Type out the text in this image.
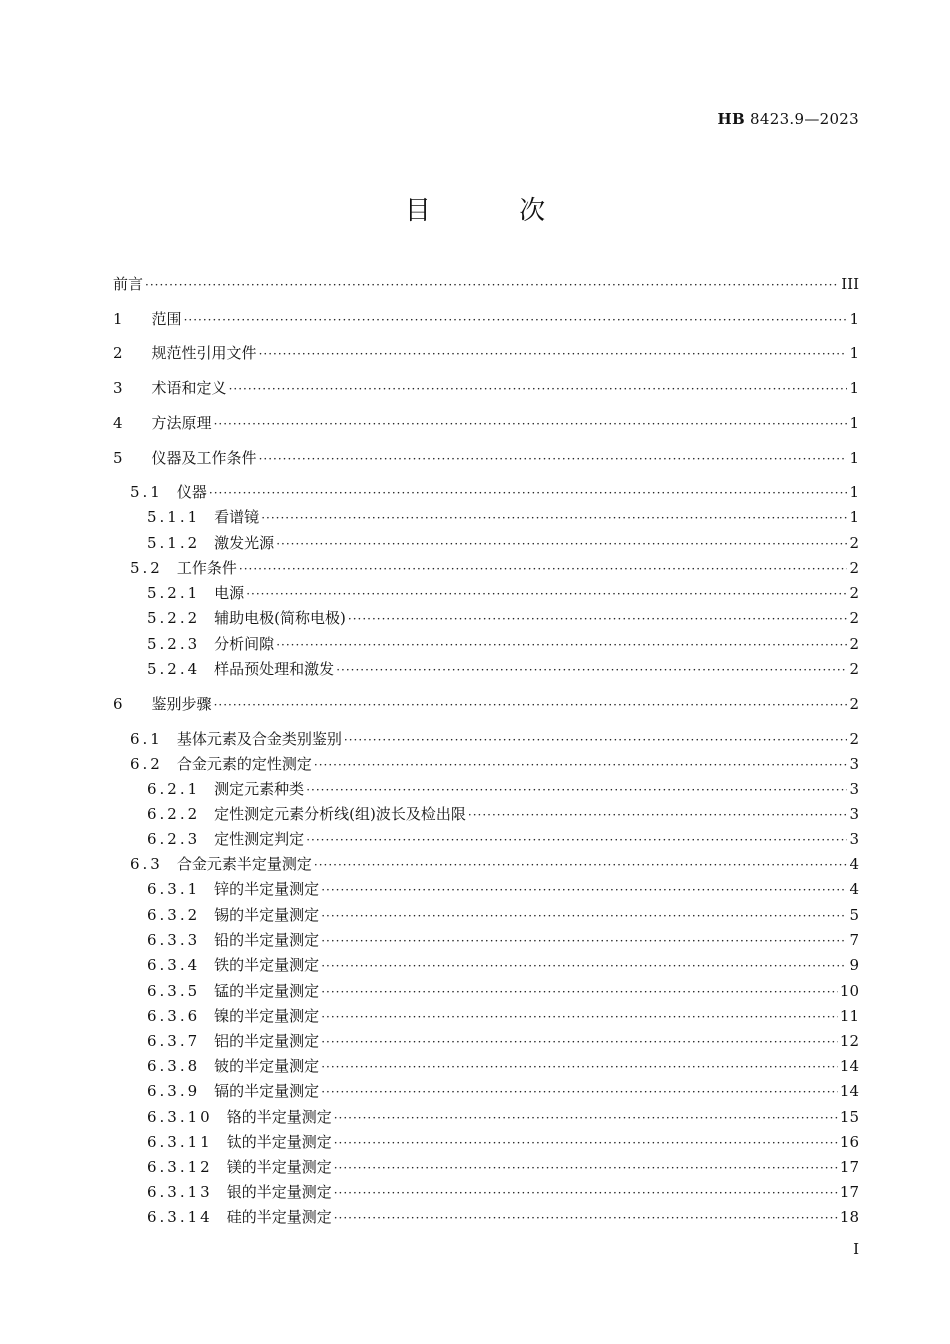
HB 8423.9—2023
目 次
前言 ·····	III
1 范围 ·····	1
2 规范性引用文件 ·····	1
3 术语和定义 ·····	1
4 方法原理 ·····	1
5 仪器及工作条件 ·····	1
5.1 仪器 ·····	1
5.1.1 看谱镜 ·····	1
5.1.2 激发光源 ·····	2
5.2 工作条件 ·····	2
5.2.1 电源 ·····	2
5.2.2 辅助电极(简称电极) ·····	2
5.2.3 分析间隙 ·····	2
5.2.4 样品预处理和激发 ·····	2
6 鉴别步骤 ·····	2
6.1 基体元素及合金类别鉴别 ·····	2
6.2 合金元素的定性测定 ·····	3
6.2.1 测定元素种类 ·····	3
6.2.2 定性测定元素分析线(组)波长及检出限 ·····	3
6.2.3 定性测定判定 ·····	3
6.3 合金元素半定量测定 ·····	4
6.3.1 锌的半定量测定 ·····	4
6.3.2 锡的半定量测定 ·····	5
6.3.3 铅的半定量测定 ·····	7
6.3.4 铁的半定量测定 ·····	9
6.3.5 锰的半定量测定 ·····	10
6.3.6 镍的半定量测定 ·····	11
6.3.7 铝的半定量测定 ·····	12
6.3.8 铍的半定量测定 ·····	14
6.3.9 镉的半定量测定 ·····	14
6.3.10 铬的半定量测定 ·····	15
6.3.11 钛的半定量测定 ·····	16
6.3.12 镁的半定量测定 ·····	17
6.3.13 银的半定量测定 ·····	17
6.3.14 硅的半定量测定 ·····	18
I
